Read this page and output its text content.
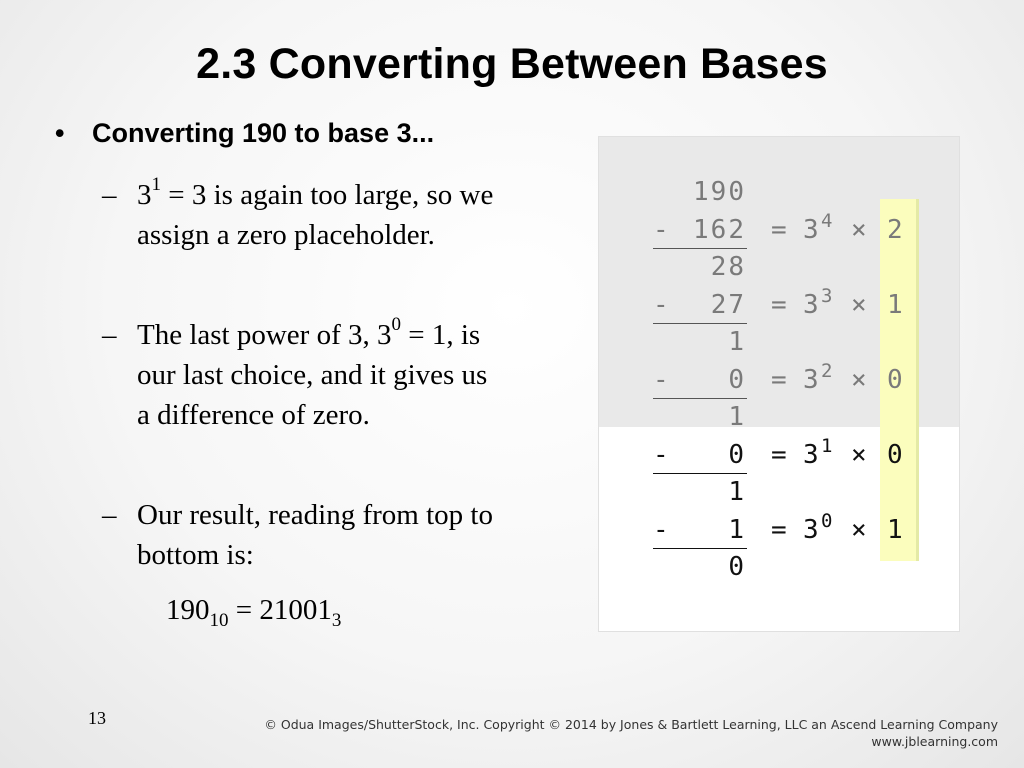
2.3 Converting Between Bases
• Converting 190 to base 3...
– $3^1 = 3$ is again too large, so we assign a zero placeholder.
– The last power of 3, $3^0 = 1$, is our last choice, and it gives us a difference of zero.
– Our result, reading from top to bottom is:
$190_{10} = 21001_3$
190
- 162 = 3 4 × 2
28
-	27 = 3 3 × 1
1
-	0 = 3 2 × 0
1
-	0 = 3 1 × 0
1
-	1 = 3 0 × 1
0
13	© Odua Images/ShutterStock, Inc. Copyright © 2014 by Jones & Bartlett Learning, LLC an Ascend Learning Company
www.jblearning.com
